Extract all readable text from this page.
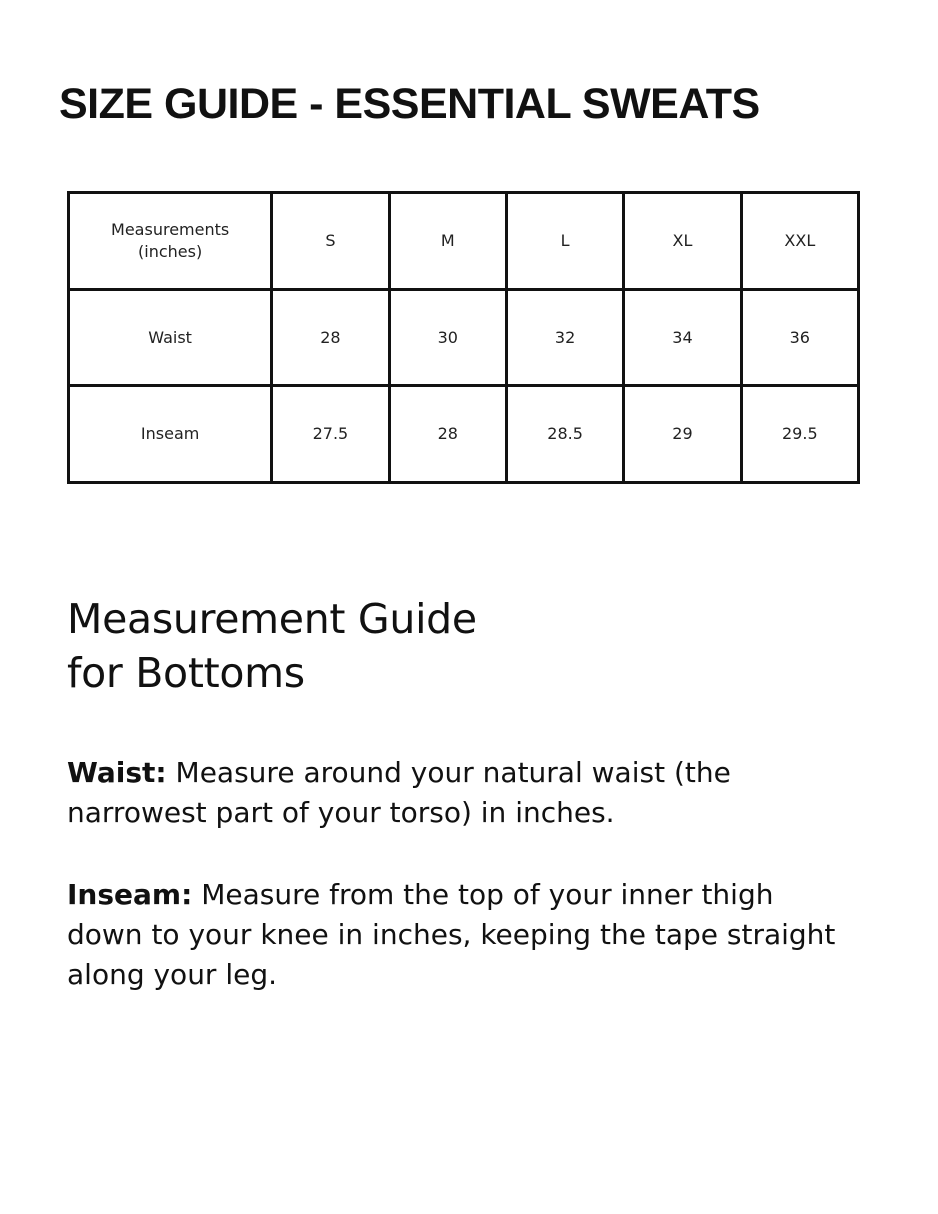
SIZE GUIDE - ESSENTIAL SWEATS
Measurements
(inches)	S	M	L	XL	XXL
Waist	28	30	32	34	36
Inseam	27.5	28	28.5	29	29.5
Measurement Guide
for Bottoms

Waist: Measure around your natural waist (the narrowest part of your torso) in inches.

Inseam: Measure from the top of your inner thigh down to your knee in inches, keeping the tape straight along your leg.
